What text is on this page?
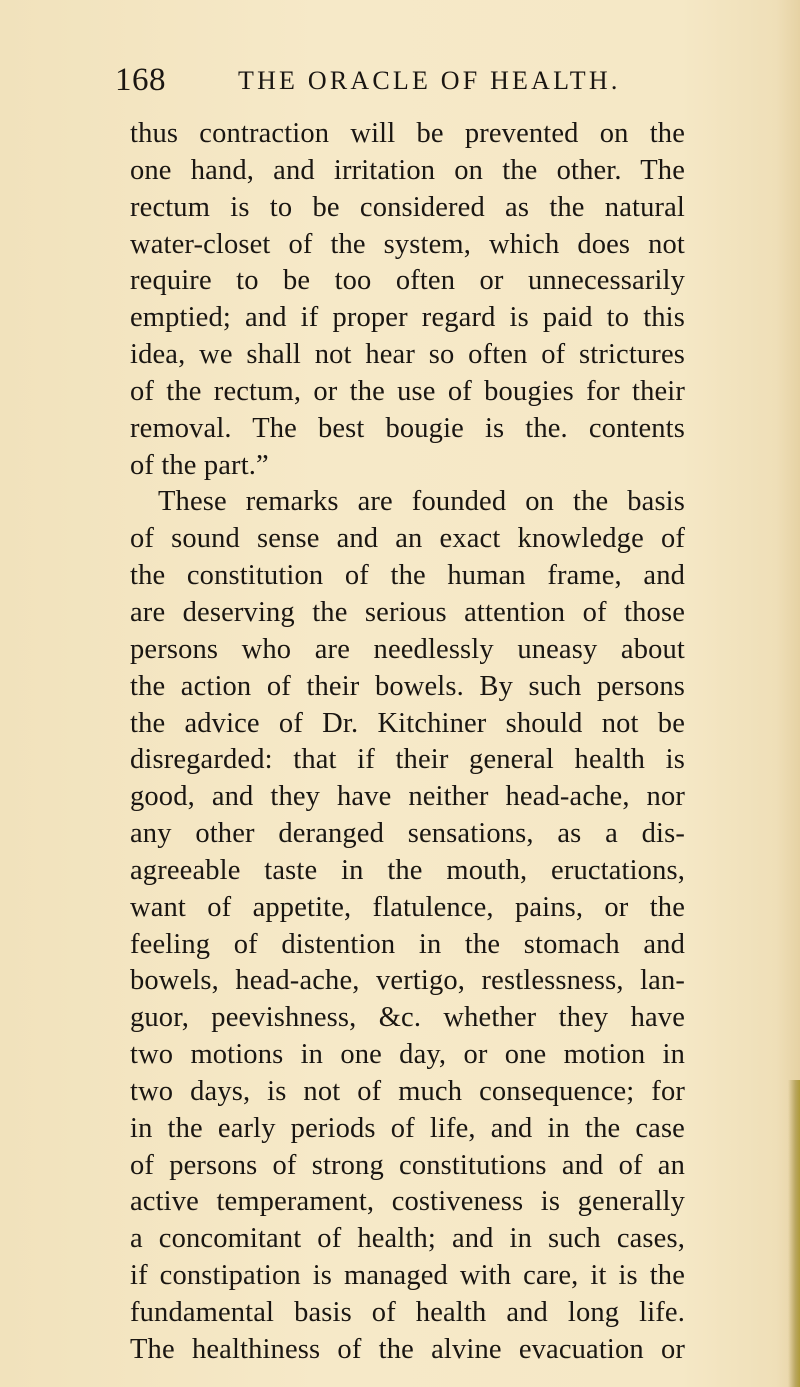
168	THE ORACLE OF HEALTH.
thus contraction will be prevented on the
one hand, and irritation on the other. The
rectum is to be considered as the natural
water-closet of the system, which does not
require to be too often or unnecessarily
emptied; and if proper regard is paid to this
idea, we shall not hear so often of strictures
of the rectum, or the use of bougies for their
removal. The best bougie is the. contents
of the part.”
These remarks are founded on the basis
of sound sense and an exact knowledge of
the constitution of the human frame, and
are deserving the serious attention of those
persons who are needlessly uneasy about
the action of their bowels. By such persons
the advice of Dr. Kitchiner should not be
disregarded: that if their general health is
good, and they have neither head-ache, nor
any other deranged sensations, as a dis-
agreeable taste in the mouth, eructations,
want of appetite, flatulence, pains, or the
feeling of distention in the stomach and
bowels, head-ache, vertigo, restlessness, lan-
guor, peevishness, &c. whether they have
two motions in one day, or one motion in
two days, is not of much consequence; for
in the early periods of life, and in the case
of persons of strong constitutions and of an
active temperament, costiveness is generally
a concomitant of health; and in such cases,
if constipation is managed with care, it is the
fundamental basis of health and long life.
The healthiness of the alvine evacuation or
